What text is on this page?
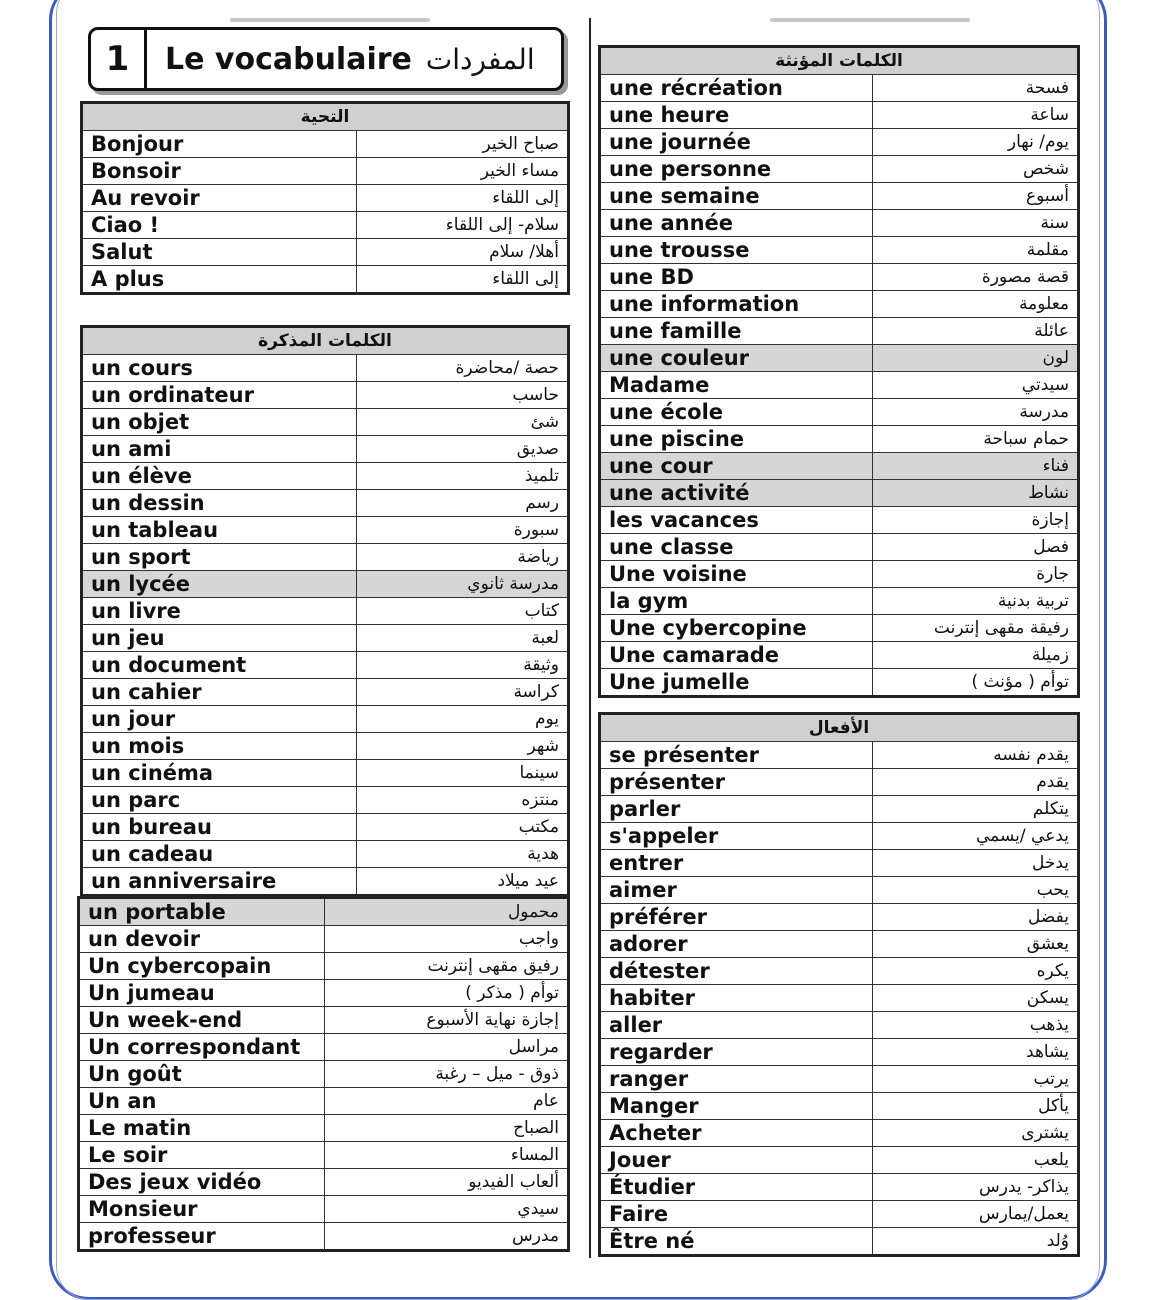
1	Le vocabulaire المفردات
التحية	
Bonjour	صباح الخير
Bonsoir	مساء الخير
Au revoir	إلى اللقاء
Ciao !	سلام- إلى اللقاء
Salut	أهلا/ سلام
A plus	إلى اللقاء
الكلمات المذكرة	
un cours	حصة /محاضرة
un ordinateur	حاسب
un objet	شئ
un ami	صديق
un élève	تلميذ
un dessin	رسم
un tableau	سبورة
un sport	رياضة
un lycée	مدرسة ثانوي
un livre	كتاب
un jeu	لعبة
un document	وثيقة
un cahier	كراسة
un jour	يوم
un mois	شهر
un cinéma	سينما
un parc	منتزه
un bureau	مكتب
un cadeau	هدية
un anniversaire	عيد ميلاد
un portable	محمول
un devoir	واجب
Un cybercopain	رفيق مقهى إنترنت
Un jumeau	توأم ( مذكر )
Un week-end	إجازة نهاية الأسبوع
Un correspondant	مراسل
Un goût	ذوق - ميل – رغبة
Un an	عام
Le matin	الصباح
Le soir	المساء
Des jeux vidéo	ألعاب الفيديو
Monsieur	سيدي
professeur	مدرس
الكلمات المؤنثة	
une récréation	فسحة
une heure	ساعة
une journée	يوم/ نهار
une personne	شخص
une semaine	أسبوع
une année	سنة
une trousse	مقلمة
une BD	قصة مصورة
une information	معلومة
une famille	عائلة
une couleur	لون
Madame	سيدتي
une école	مدرسة
une piscine	حمام سباحة
une cour	فناء
une activité	نشاط
les vacances	إجازة
une classe	فصل
Une voisine	جارة
la gym	تربية بدنية
Une cybercopine	رفيقة مقهى إنترنت
Une camarade	زميلة
Une jumelle	توأم ( مؤنث )
الأفعال	
se présenter	يقدم نفسه
présenter	يقدم
parler	يتكلم
s'appeler	يدعي /يسمي
entrer	يدخل
aimer	يحب
préférer	يفضل
adorer	يعشق
détester	يكره
habiter	يسكن
aller	يذهب
regarder	يشاهد
ranger	يرتب
Manger	يأكل
Acheter	يشترى
Jouer	يلعب
Étudier	يذاكر- يدرس
Faire	يعمل/يمارس
Être né	وُلد
